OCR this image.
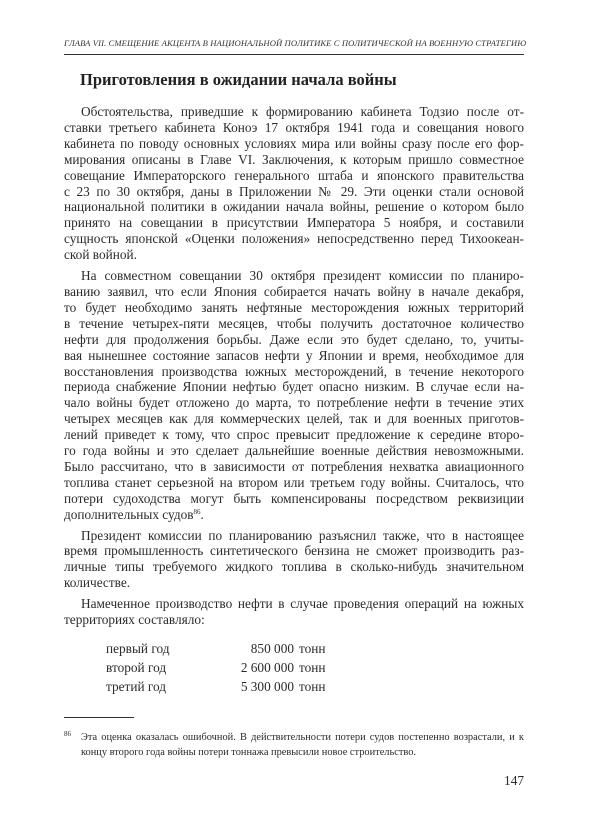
ГЛАВА VII. СМЕЩЕНИЕ АКЦЕНТА В НАЦИОНАЛЬНОЙ ПОЛИТИКЕ С ПОЛИТИЧЕСКОЙ НА ВОЕННУЮ СТРАТЕГИЮ
Приготовления в ожидании начала войны
Обстоятельства, приведшие к формированию кабинета Тодзио после от-
ставки третьего кабинета Коноэ 17 октября 1941 года и совещания нового
кабинета по поводу основных условиях мира или войны сразу после его фор-
мирования описаны в Главе VI. Заключения, к которым пришло совместное
совещание Императорского генерального штаба и японского правительства
с 23 по 30 октября, даны в Приложении № 29. Эти оценки стали основой
национальной политики в ожидании начала войны, решение о котором было
принято на совещании в присутствии Императора 5 ноября, и составили
сущность японской «Оценки положения» непосредственно перед Тихоокеан-
ской войной.
На совместном совещании 30 октября президент комиссии по планиро-
ванию заявил, что если Япония собирается начать войну в начале декабря,
то будет необходимо занять нефтяные месторождения южных территорий
в течение четырех-пяти месяцев, чтобы получить достаточное количество
нефти для продолжения борьбы. Даже если это будет сделано, то, учиты-
вая нынешнее состояние запасов нефти у Японии и время, необходимое для
восстановления производства южных месторождений, в течение некоторого
периода снабжение Японии нефтью будет опасно низким. В случае если на-
чало войны будет отложено до марта, то потребление нефти в течение этих
четырех месяцев как для коммерческих целей, так и для военных приготов-
лений приведет к тому, что спрос превысит предложение к середине второ-
го года войны и это сделает дальнейшие военные действия невозможными.
Было рассчитано, что в зависимости от потребления нехватка авиационного
топлива станет серьезной на втором или третьем году войны. Считалось, что
потери судоходства могут быть компенсированы посредством реквизиции
дополнительных судов$^{86}$.
Президент комиссии по планированию разъяснил также, что в настоящее
время промышленность синтетического бензина не сможет производить раз-
личные типы требуемого жидкого топлива в сколько-нибудь значительном
количестве.
Намеченное производство нефти в случае проведения операций на южных
территориях составляло:
первый год	850 000 тонн
второй год	2 600 000 тонн
третий год	5 300 000 тонн
86 Эта оценка оказалась ошибочной. В действительности потери судов постепенно возрастали, и к концу второго года войны потери тоннажа превысили новое строительство.
147
